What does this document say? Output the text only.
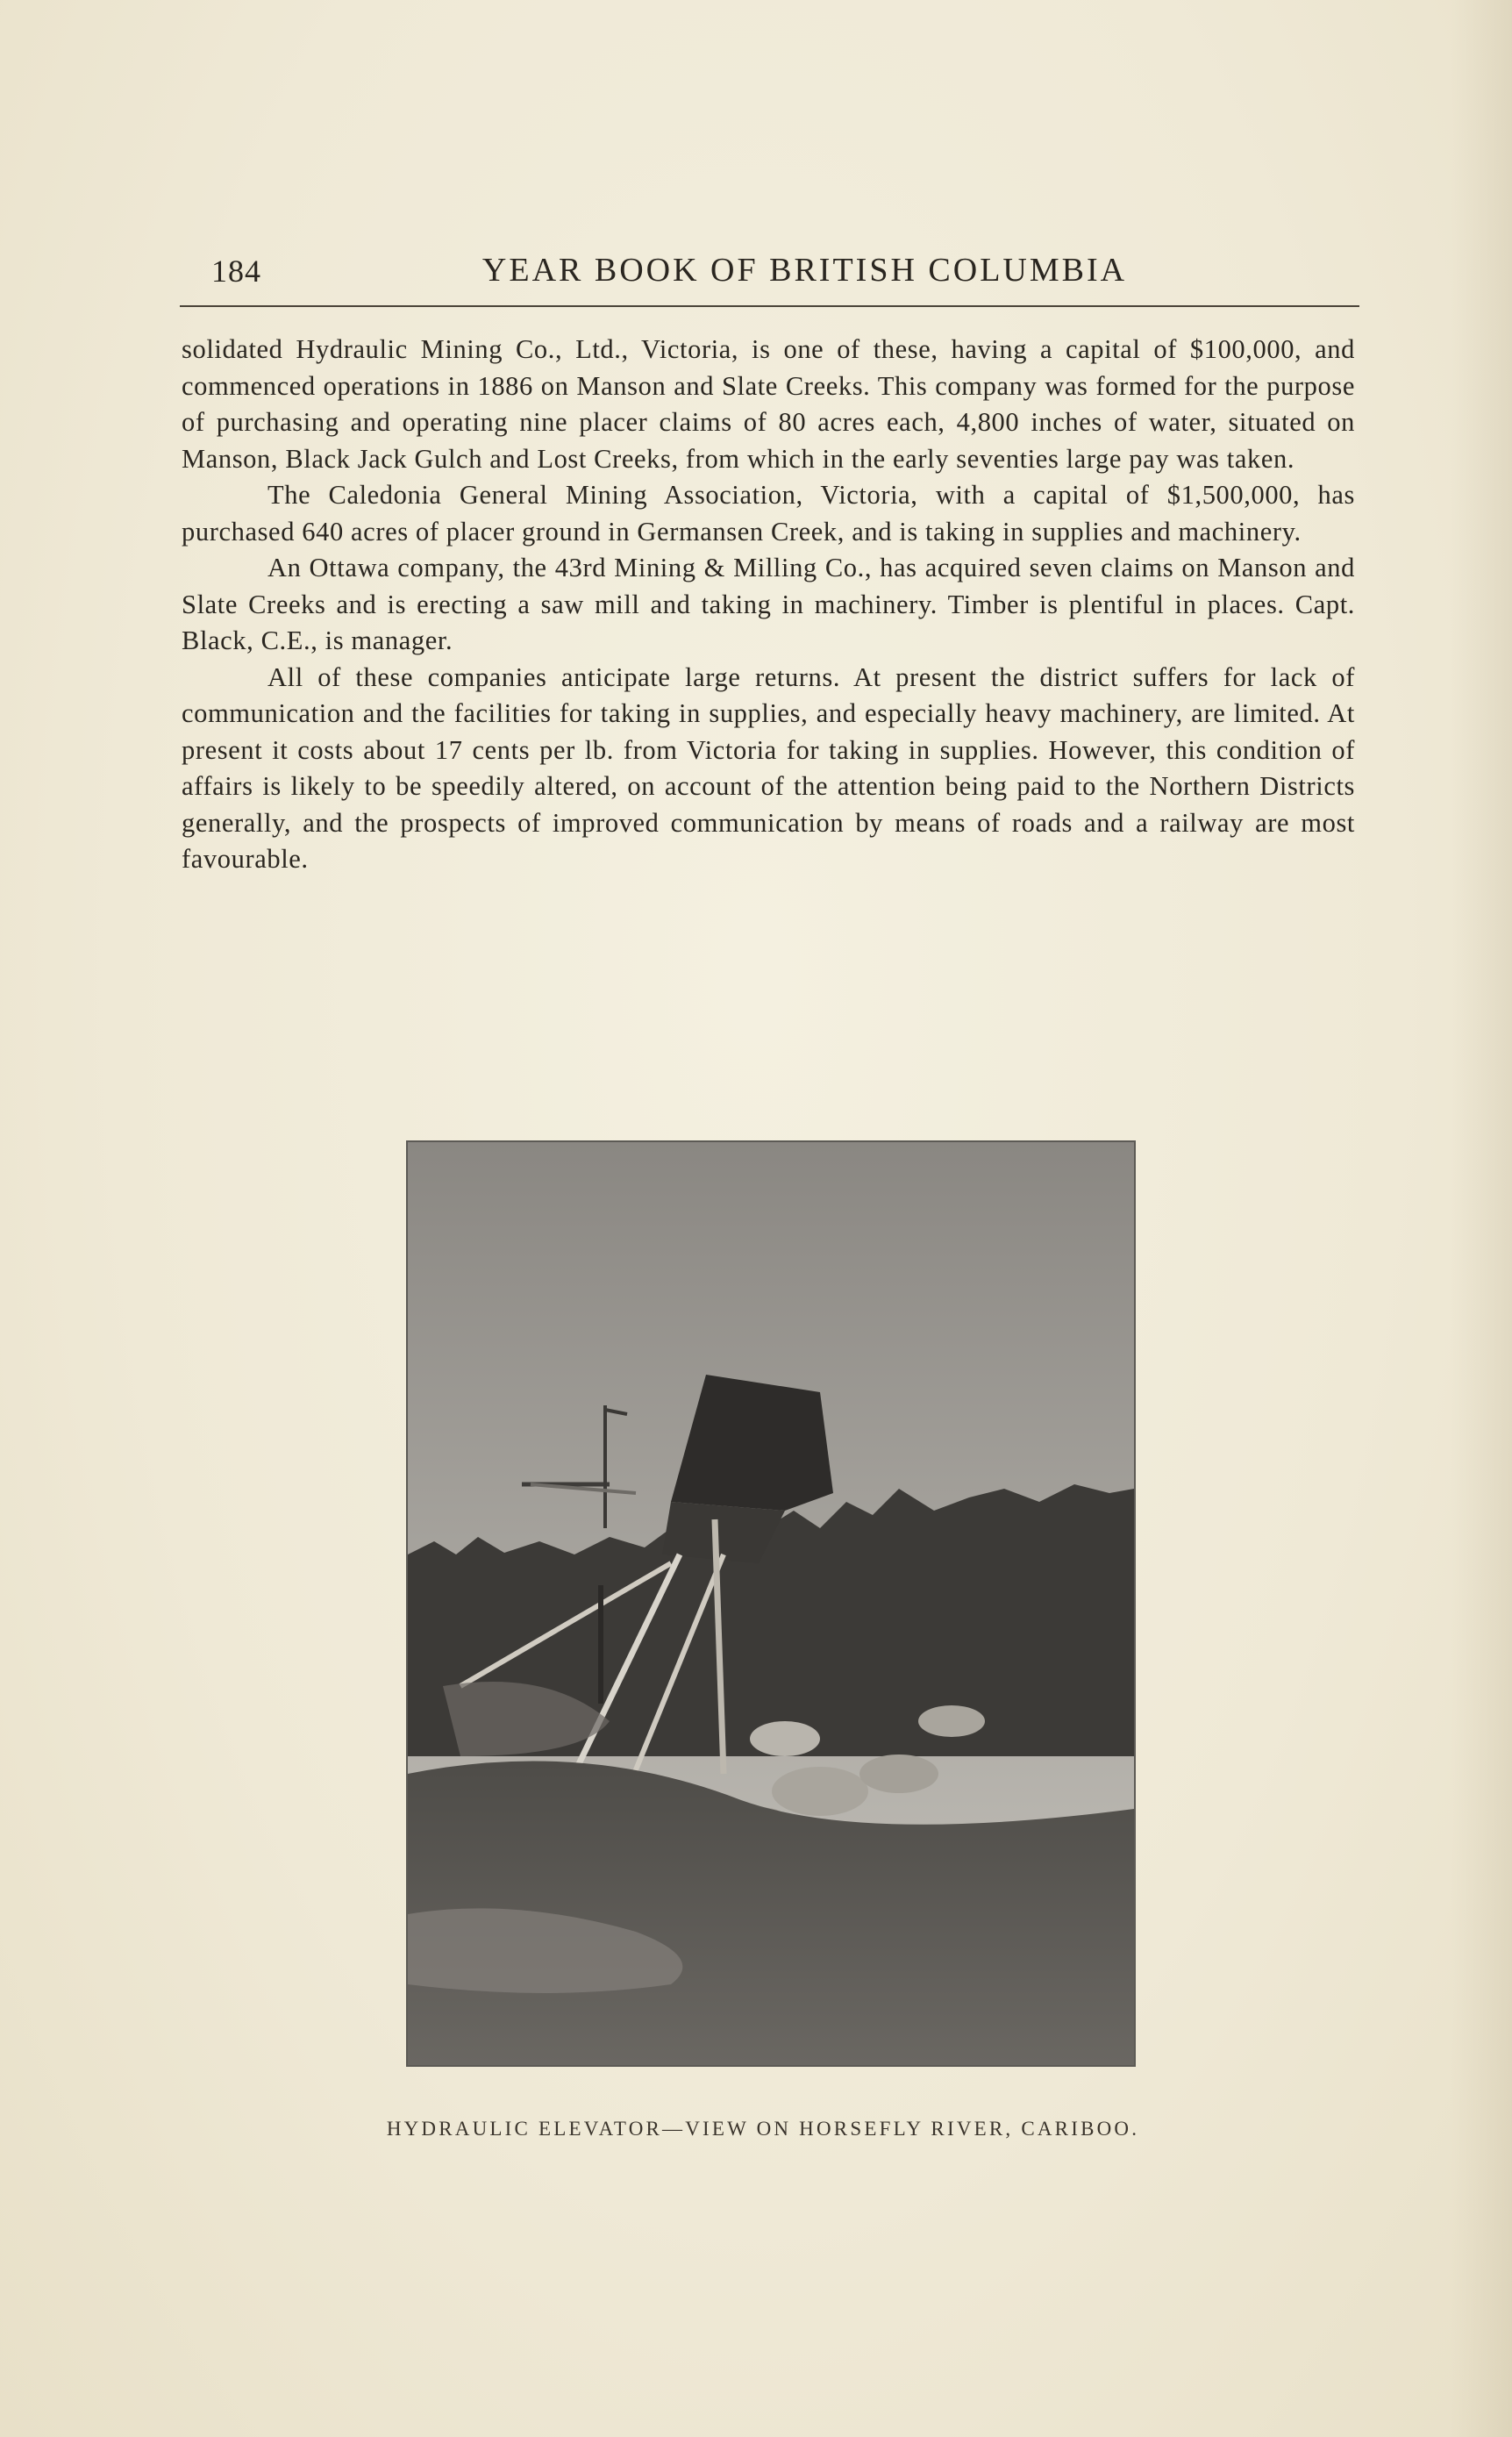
184	YEAR BOOK OF BRITISH COLUMBIA

solidated Hydraulic Mining Co., Ltd., Victoria, is one of these, having a capital of $100,000, and commenced operations in 1886 on Manson and Slate Creeks. This company was formed for the purpose of purchasing and operating nine placer claims of 80 acres each, 4,800 inches of water, situated on Manson, Black Jack Gulch and Lost Creeks, from which in the early seventies large pay was taken.

The Caledonia General Mining Association, Victoria, with a capital of $1,500,000, has purchased 640 acres of placer ground in Germansen Creek, and is taking in supplies and machinery.

An Ottawa company, the 43rd Mining & Milling Co., has acquired seven claims on Manson and Slate Creeks and is erecting a saw mill and taking in machinery. Timber is plentiful in places. Capt. Black, C.E., is manager.

All of these companies anticipate large returns. At present the district suffers for lack of communication and the facilities for taking in supplies, and especially heavy machinery, are limited. At present it costs about 17 cents per lb. from Victoria for taking in supplies. However, this condition of affairs is likely to be speedily altered, on account of the attention being paid to the Northern Districts generally, and the prospects of improved communication by means of roads and a railway are most favourable.

HYDRAULIC ELEVATOR—VIEW ON HORSEFLY RIVER, CARIBOO.
